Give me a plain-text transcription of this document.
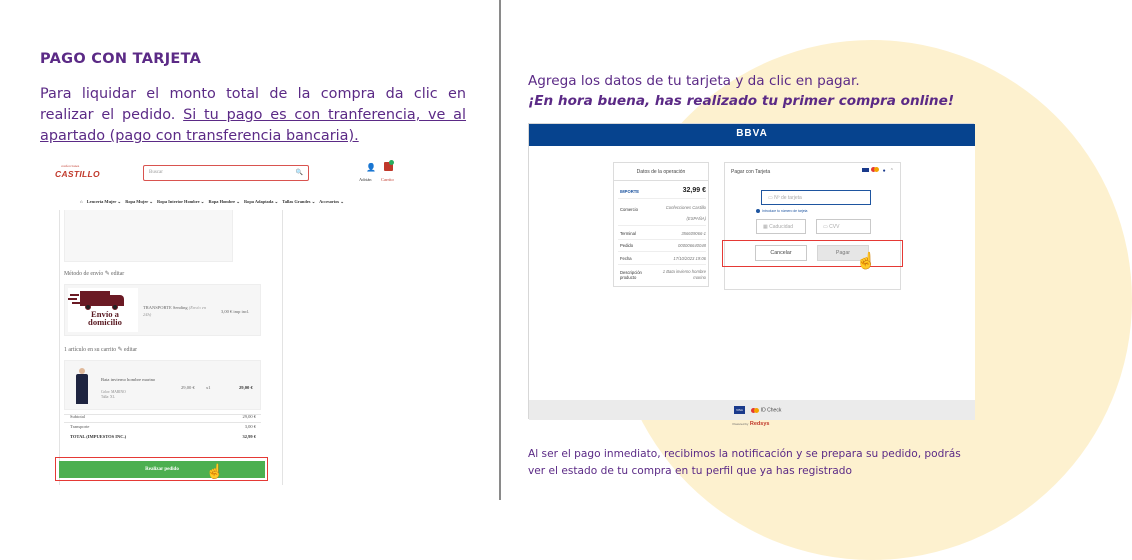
PAGO CON TARJETA
Para liquidar el monto total de la compra da clic en realizar el pedido. Si tu pago es con tranferencia, ve al apartado (pago con transferencia bancaria).
confecciones
CASTILLO	Buscar	🔍
👤
Adrián Carrito
⌂ Lencería Mujer ⌄ Ropa Mujer ⌄ Ropa Interior Hombre ⌄ Ropa Hombre ⌄ Ropa Adaptada ⌄ Tallas Grandes ⌄ Accesorios ⌄
Método de envío ✎ editar
Envío a domicilio
TRANSPORTE Sending (Envío en 24h)
3,00 € imp incl.
1 artículo en su carrito ✎ editar
Bata invierno hombre marino
Color: MARINO
Talla: XL
29,00 € x1	29,00 €
Subtotal	29,00 €
Transporte	3,00 €
TOTAL (IMPUESTOS INC.)	32,99 €
Realizar pedido	☝
Agrega los datos de tu tarjeta y da clic en pagar.
¡En hora buena, has realizado tu primer compra online!
BBVA
Datos de la operación
IMPORTE	32,99 €
Comercio	Confecciones Castillo (ESPAÑA)
Terminal	356609066-1
Pedido	000006640048
Fecha	17/10/2023 19:06
Descripción producto
1 Bata invierno hombre marino
Pagar con Tarjeta	● ⌃
▭ Nº de tarjeta
Introduce tu número de tarjeta
▦ Caducidad	▭ CVV
Cancelar	Pagar ☝
VISA	ID Check
Powered by Redsys
Al ser el pago inmediato, recibimos la notificación y se prepara su pedido, podrás ver el estado de tu compra en tu perfil que ya has registrado
